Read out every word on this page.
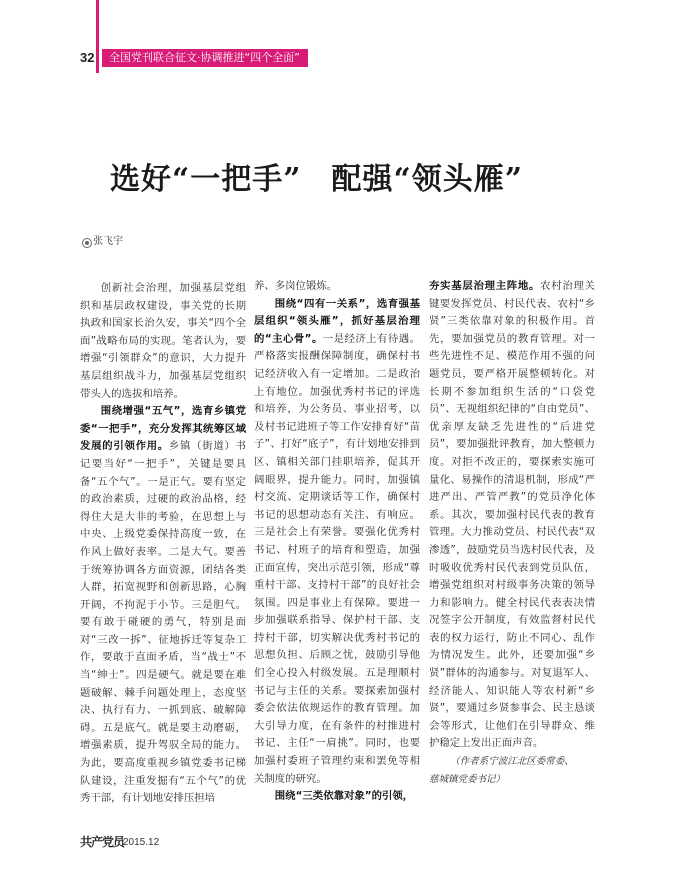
32 全国党刊联合征文·协调推进“四个全面”
选好“一把手” 配强“领头雁”
张飞宇

创新社会治理，加强基层党组织和基层政权建设，事关党的长期执政和国家长治久安，事关“四个全面”战略布局的实现。笔者认为，要增强“引领群众”的意识，大力提升基层组织战斗力，加强基层党组织带头人的选拔和培养。

围绕增强“五气”，选育乡镇党委“一把手”，充分发挥其统筹区域发展的引领作用。乡镇（街道）书记要当好“一把手”，关键是要具备“五个气”。一是正气。要有坚定的政治素质，过硬的政治品格，经得住大是大非的考验，在思想上与中央、上级党委保持高度一致，在作风上做好表率。二是大气。要善于统筹协调各方面资源，团结各类人群，拓宽视野和创新思路，心胸开阔，不拘泥于小节。三是胆气。要有敢于碰硬的勇气，特别是面对“三改一拆”、征地拆迁等复杂工作，要敢于直面矛盾，当“战士”不当“绅士”。四是硬气。就是要在难题破解、棘手问题处理上，态度坚决、执行有力、一抓到底、破解障碍。五是底气。就是要主动磨砺，增强素质，提升驾驭全局的能力。为此，要高度重视乡镇党委书记梯队建设，注重发掘有“五个气”的优秀干部，有计划地安排压担培

养、多岗位锻炼。

围绕“四有一关系”，选育强基层组织“领头雁”，抓好基层治理的“主心骨”。一是经济上有待遇。严格落实报酬保障制度，确保村书记经济收入有一定增加。二是政治上有地位。加强优秀村书记的评选和培养，为公务员、事业招考，以及村书记进班子等工作安排育好“苗子”、打好“底子”，有计划地安排到区、镇相关部门挂职培养，促其开阔眼界，提升能力。同时，加强镇村交流、定期谈话等工作，确保村书记的思想动态有关注、有响应。三是社会上有荣誉。要强化优秀村书记、村班子的培育和塑造，加强正面宣传，突出示范引领，形成“尊重村干部、支持村干部”的良好社会氛围。四是事业上有保障。要进一步加强联系指导、保护村干部、支持村干部，切实解决优秀村书记的思想负担、后顾之忧，鼓励引导他们全心投入村级发展。五是理顺村书记与主任的关系。要探索加强村委会依法依规运作的教育管理。加大引导力度，在有条件的村推进村书记、主任“一肩挑”。同时，也要加强村委班子管理约束和罢免等相关制度的研究。

围绕“三类依靠对象”的引领，

夯实基层治理主阵地。农村治理关键要发挥党员、村民代表、农村“乡贤”三类依靠对象的积极作用。首先，要加强党员的教育管理。对一些先进性不足、模范作用不强的问题党员，要严格开展整顿转化。对长期不参加组织生活的“口袋党员”、无视组织纪律的“自由党员”、优亲厚友缺乏先进性的“后进党员”，要加强批评教育，加大整顿力度。对拒不改正的，要探索实施可量化、易操作的清退机制，形成“严进严出、严管严教”的党员净化体系。其次，要加强村民代表的教育管理。大力推动党员、村民代表“双渗透”，鼓励党员当选村民代表，及时吸收优秀村民代表到党员队伍，增强党组织对村级事务决策的领导力和影响力。健全村民代表表决情况签字公开制度，有效监督村民代表的权力运行，防止不同心、乱作为情况发生。此外，还要加强“乡贤”群体的沟通参与。对复退军人、经济能人、知识能人等农村新“乡贤”，要通过乡贤参事会、民主恳谈会等形式，让他们在引导群众、维护稳定上发出正面声音。

（作者系宁波江北区委常委、

慈城镇党委书记）

共产党员
2015.12
